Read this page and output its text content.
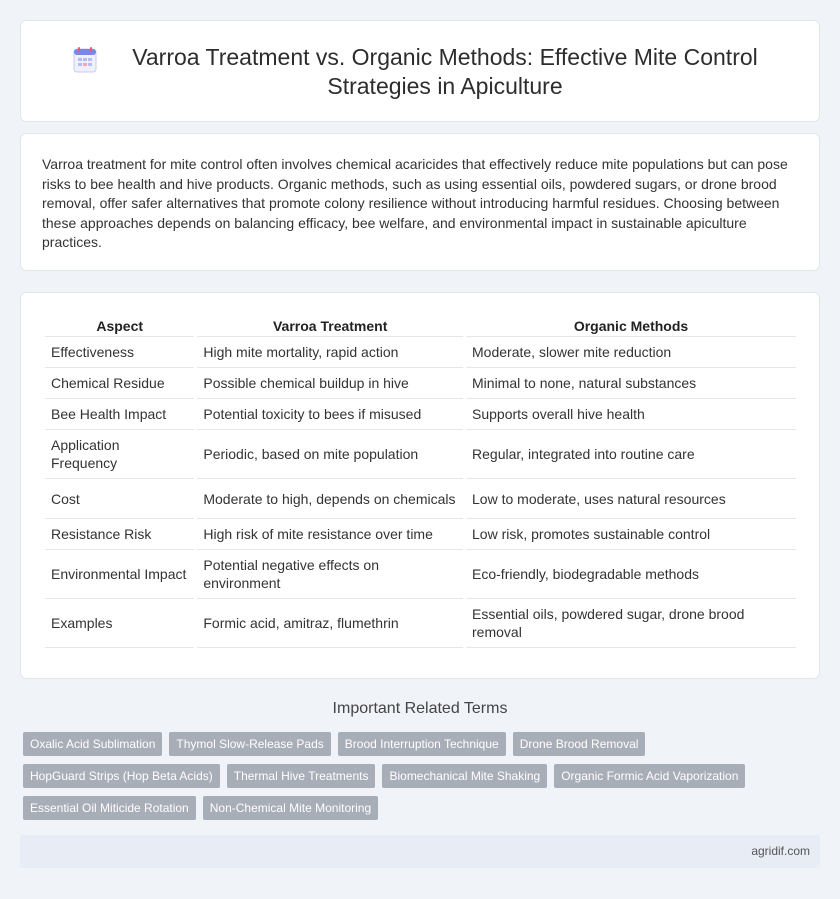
Varroa Treatment vs. Organic Methods: Effective Mite Control Strategies in Apiculture

Varroa treatment for mite control often involves chemical acaricides that effectively reduce mite populations but can pose risks to bee health and hive products. Organic methods, such as using essential oils, powdered sugars, or drone brood removal, offer safer alternatives that promote colony resilience without introducing harmful residues. Choosing between these approaches depends on balancing efficacy, bee welfare, and environmental impact in sustainable apiculture practices.

Aspect	Varroa Treatment	Organic Methods
Effectiveness	High mite mortality, rapid action	Moderate, slower mite reduction
Chemical Residue	Possible chemical buildup in hive	Minimal to none, natural substances
Bee Health Impact	Potential toxicity to bees if misused	Supports overall hive health
Application Frequency	Periodic, based on mite population	Regular, integrated into routine care
Cost	Moderate to high, depends on chemicals	Low to moderate, uses natural resources
Resistance Risk	High risk of mite resistance over time	Low risk, promotes sustainable control
Environmental Impact	Potential negative effects on environment	Eco-friendly, biodegradable methods
Examples	Formic acid, amitraz, flumethrin	Essential oils, powdered sugar, drone brood removal
Important Related Terms
Oxalic Acid Sublimation	Thymol Slow-Release Pads	Brood Interruption Technique	Drone Brood Removal
HopGuard Strips (Hop Beta Acids)	Thermal Hive Treatments	Biomechanical Mite Shaking	Organic Formic Acid Vaporization
Essential Oil Miticide Rotation	Non-Chemical Mite Monitoring
agridif.com
